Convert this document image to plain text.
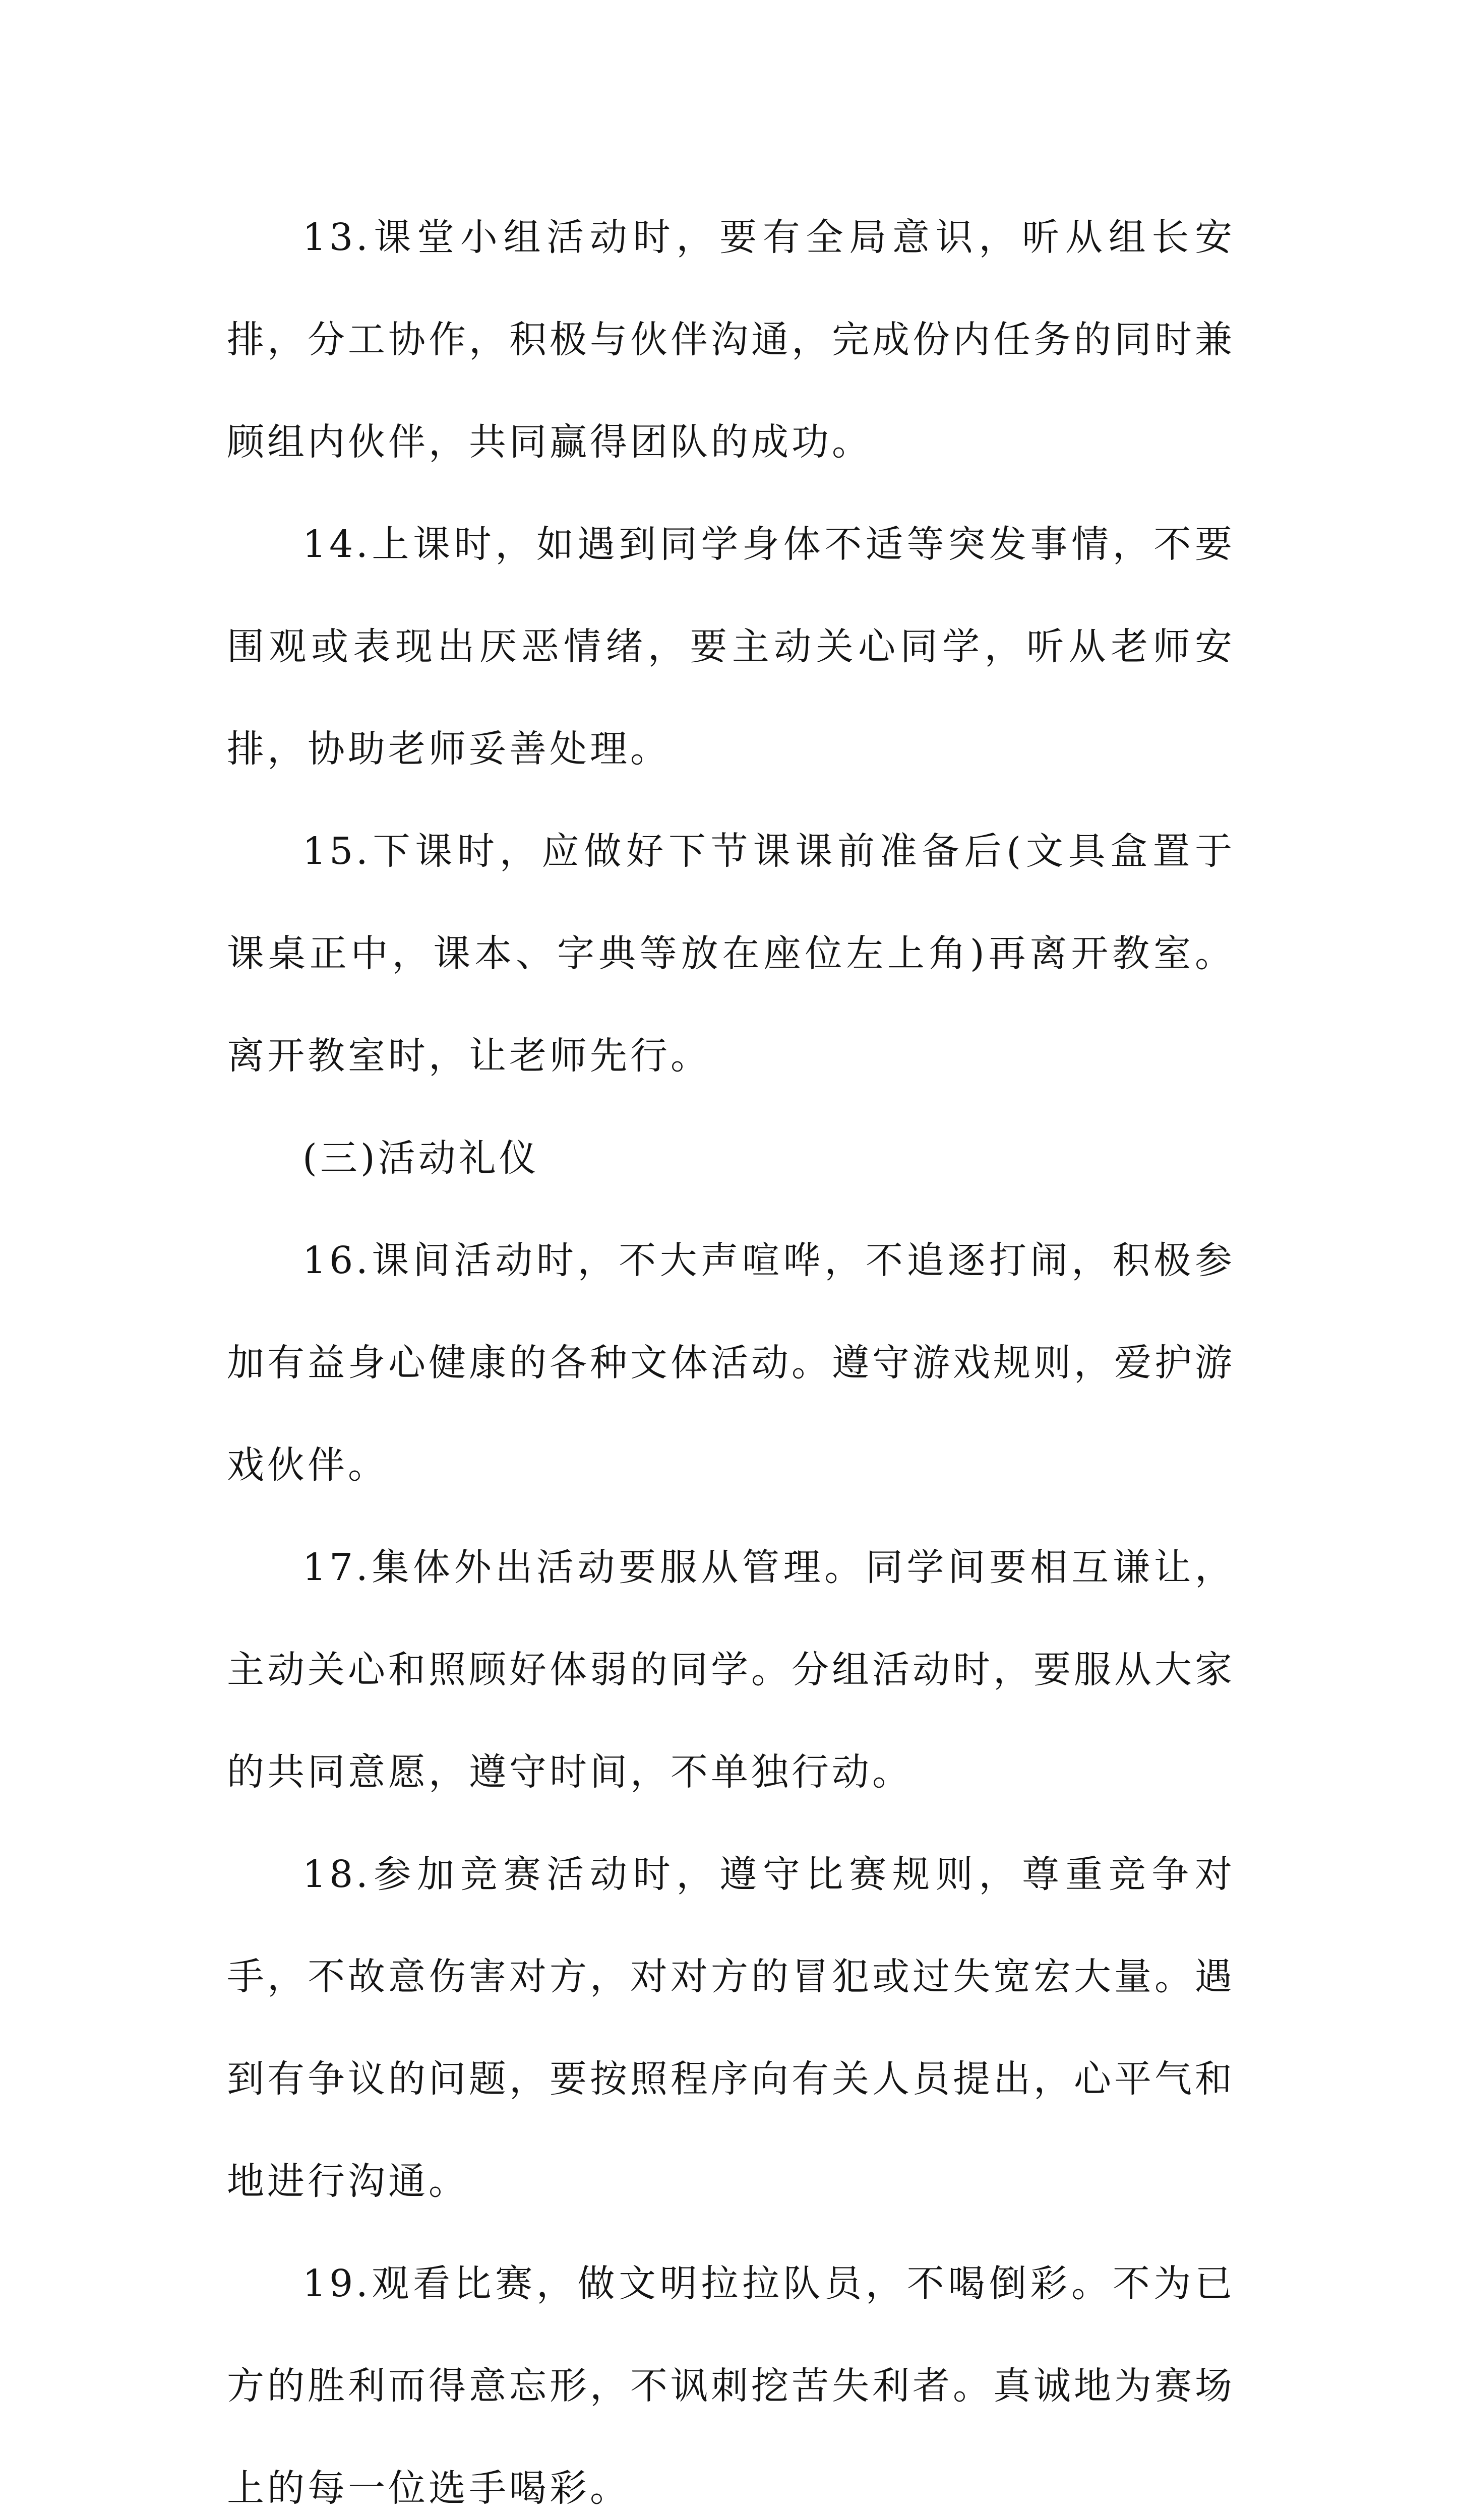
13.课堂小组活动时，要有全局意识，听从组长安排，分工协作，积极与伙伴沟通，完成份内任务的同时兼顾组内伙伴，共同赢得团队的成功。

14.上课时，如遇到同学身体不适等突发事情，不要围观或表现出厌恶情绪，要主动关心同学，听从老师安排，协助老师妥善处理。

15.下课时，应做好下节课课前准备后(文具盒置于课桌正中，课本、字典等放在座位左上角)再离开教室。离开教室时，让老师先行。

(三)活动礼仪

16.课间活动时，不大声喧哗，不追逐打闹，积极参加有益身心健康的各种文体活动。遵守游戏规则，爱护游戏伙伴。

17.集体外出活动要服从管理。同学间要相互谦让，主动关心和照顾好体弱的同学。分组活动时，要服从大家的共同意愿，遵守时间，不单独行动。

18.参加竞赛活动时，遵守比赛规则，尊重竞争对手，不故意伤害对方，对对方的冒犯或过失宽宏大量。遇到有争议的问题，要按照程序向有关人员提出，心平气和地进行沟通。

19.观看比赛，做文明拉拉队员，不喝倒彩。不为已方的胜利而得意忘形，不讽刺挖苦失利者。真诚地为赛场上的每一位选手喝彩。
